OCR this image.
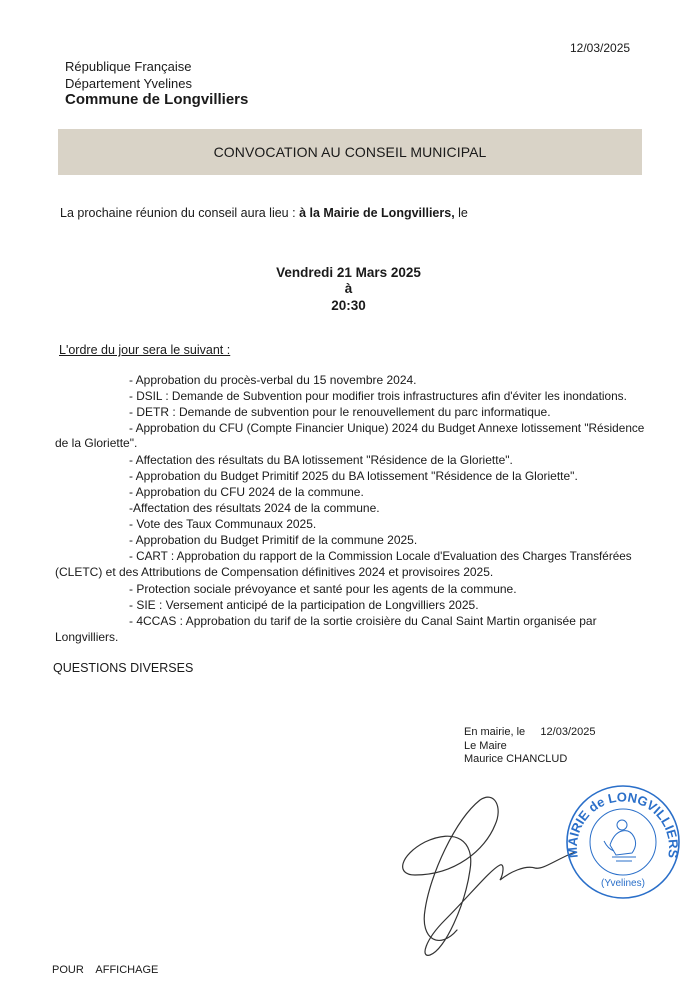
12/03/2025
République Française
Département Yvelines
Commune de Longvilliers
CONVOCATION AU CONSEIL MUNICIPAL
La prochaine réunion du conseil aura lieu : à la Mairie de Longvilliers, le
Vendredi 21 Mars 2025
à
20:30
L'ordre du jour sera le suivant :
- Approbation du procès-verbal du 15 novembre 2024.
- DSIL : Demande de Subvention pour modifier trois infrastructures afin d'éviter les inondations.
- DETR : Demande de subvention pour le renouvellement du parc informatique.
- Approbation du CFU (Compte Financier Unique) 2024 du Budget Annexe lotissement "Résidence
de la Gloriette".
- Affectation des résultats du BA lotissement "Résidence de la Gloriette".
- Approbation du Budget Primitif 2025 du BA lotissement "Résidence de la Gloriette".
- Approbation du CFU 2024 de la commune.
-Affectation des résultats 2024 de la commune.
- Vote des Taux Communaux 2025.
- Approbation du Budget Primitif de la commune 2025.
- CART : Approbation du rapport de la Commission Locale d'Evaluation des Charges Transférées
(CLETC) et des Attributions de Compensation définitives 2024 et provisoires 2025.
- Protection sociale prévoyance et santé pour les agents de la commune.
- SIE : Versement anticipé de la participation de Longvilliers 2025.
- 4CCAS : Approbation du tarif de la sortie croisière du Canal Saint Martin organisée par
Longvilliers.
QUESTIONS DIVERSES
En mairie, le 12/03/2025
Le Maire
Maurice CHANCLUD
MAIRIE de LONGVILLIERS
(Yvelines)
POUR    AFFICHAGE
